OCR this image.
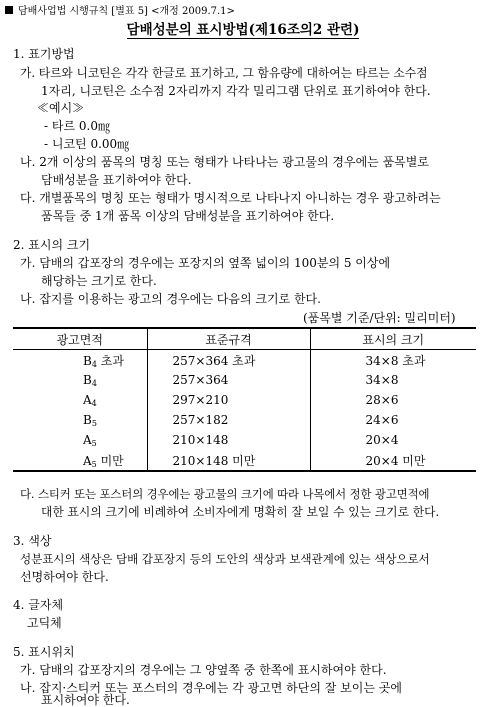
담배사업법 시행규칙 [별표 5] <개정 2009.7.1>
담배성분의 표시방법(제16조의2 관련)
1. 표기방법
가. 타르와 니코틴은 각각 한글로 표기하고, 그 함유량에 대하여는 타르는 소수점
1자리, 니코틴은 소수점 2자리까지 각각 밀리그램 단위로 표기하여야 한다.
≪예시≫
- 타르 0.0㎎
- 니코틴 0.00㎎
나. 2개 이상의 품목의 명칭 또는 형태가 나타나는 광고물의 경우에는 품목별로
담배성분을 표기하여야 한다.
다. 개별품목의 명칭 또는 형태가 명시적으로 나타나지 아니하는 경우 광고하려는
품목들 중 1개 품목 이상의 담배성분을 표기하여야 한다.
2. 표시의 크기
가. 담배의 갑포장의 경우에는 포장지의 옆쪽 넓이의 100분의 5 이상에
해당하는 크기로 한다.
나. 잡지를 이용하는 광고의 경우에는 다음의 크기로 한다.
(품목별 기준/단위: 밀리미터)
광고면적	표준규격	표시의 크기
$B_4$ 초과	257×364 초과	34×8 초과
$B_4$	257×364	34×8
$A_4$	297×210	28×6
$B_5$	257×182	24×6
$A_5$	210×148	20×4
$A_5$ 미만	210×148 미만	20×4 미만
다. 스티커 또는 포스터의 경우에는 광고물의 크기에 따라 나목에서 정한 광고면적에
대한 표시의 크기에 비례하여 소비자에게 명확히 잘 보일 수 있는 크기로 한다.
3. 색상
성분표시의 색상은 담배 갑포장지 등의 도안의 색상과 보색관계에 있는 색상으로서
선명하여야 한다.
4. 글자체
고딕체
5. 표시위치
가. 담배의 갑포장지의 경우에는 그 양옆쪽 중 한쪽에 표시하여야 한다.
나. 잡지·스티커 또는 포스터의 경우에는 각 광고면 하단의 잘 보이는 곳에
표시하여야 한다.
